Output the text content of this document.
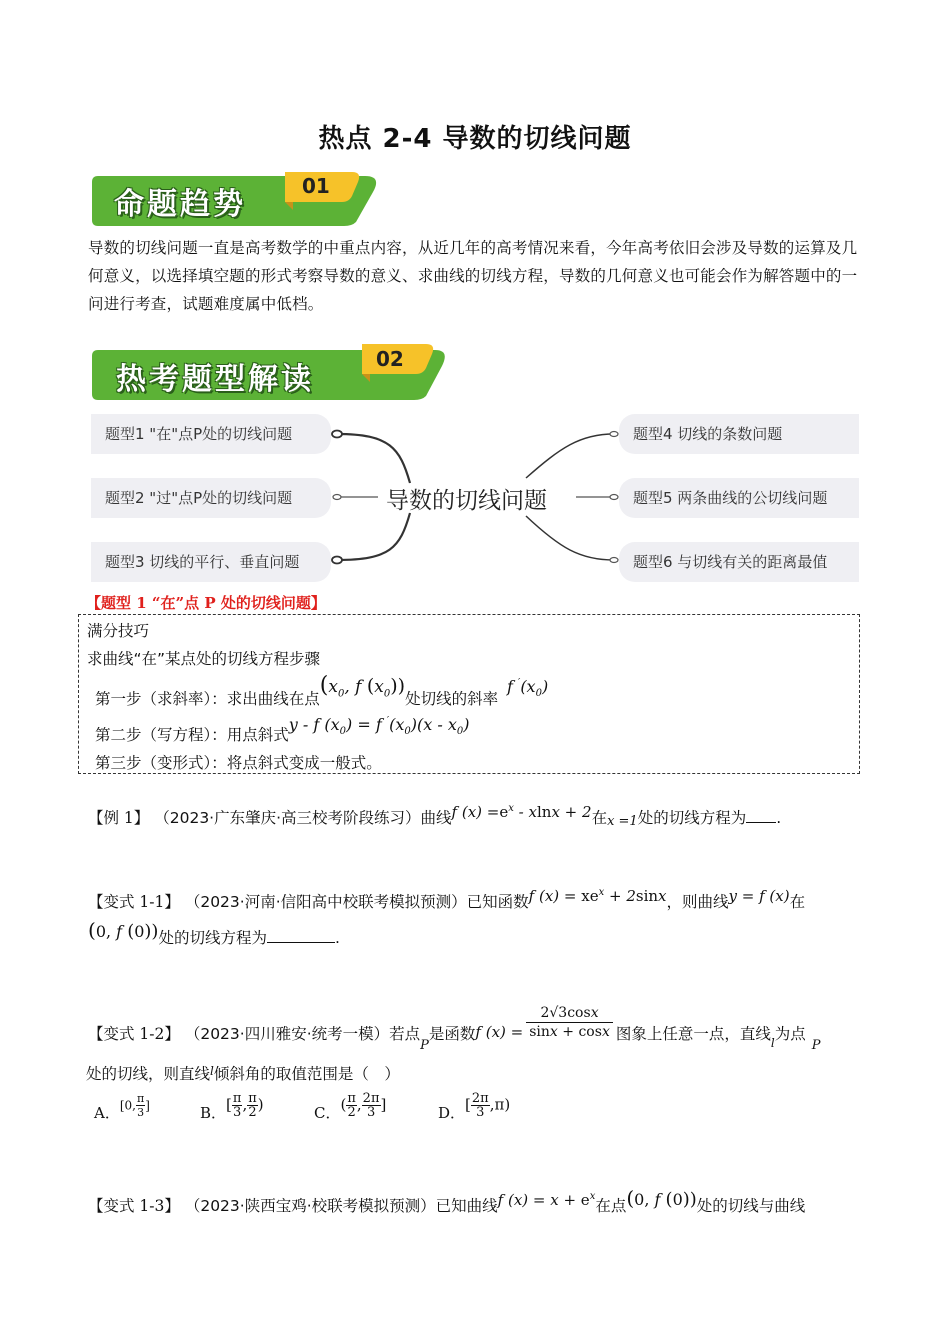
热点 2-4 导数的切线问题
命题趋势
01
导数的切线问题一直是高考数学的中重点内容，从近几年的高考情况来看，今年高考依旧会涉及导数的运算及几何意义，以选择填空题的形式考察导数的意义、求曲线的切线方程，导数的几何意义也可能会作为解答题中的一问进行考查，试题难度属中低档。
热考题型解读
02
题型1 "在"点P处的切线问题
题型2 "过"点P处的切线问题
题型3 切线的平行、垂直问题
导数的切线问题
题型4 切线的条数问题
题型5 两条曲线的公切线问题
题型6 与切线有关的距离最值
【题型 1 “在”点 P 处的切线问题】
满分技巧
求曲线“在”某点处的切线方程步骤
第一步（求斜率）：求出曲线在点($x_0$, f $(x_0)$)处切线的斜率 f $'(x_0)$
第二步（写方程）：用点斜式y - f $(x_0) = f$ $'(x_0)(x - x_0)$
第三步（变形式）：将点斜式变成一般式。
【例 1】 （2023·广东肇庆·高三校考阶段练习）曲线f $(x) =e^x - xlnx + 2$在$_{x =1}$处的切线方程为 .
【变式 1-1】 （2023·河南·信阳高中校联考模拟预测）已知函数f $(x) = xe^x + 2\sin x$，则曲线y = f (x)在
(0, f (0))处的切线方程为	.
【变式 1-2】 （2023·四川雅安·统考一模）若点$_P$是函数f $(x) = \frac{2√3\cos x}{\sin x + \cos x}$ 图象上任意一点，直线$_l$为点$_P$
处的切线，则直线$^l$倾斜角的取值范围是（　）
A．[0, $\frac{\pi}{3}$ ]	B．[ $\frac{\pi}{3}$ , $\frac{\pi}{2}$ )	C．( $\frac{\pi}{2}$ , $\frac{2\pi}{3}$ ]	D．[ $\frac{2\pi}{3} ,\pi$)
【变式 1-3】 （2023·陕西宝鸡·校联考模拟预测）已知曲线f $(x) = x + e^x$在点(0, f (0))处的切线与曲线
